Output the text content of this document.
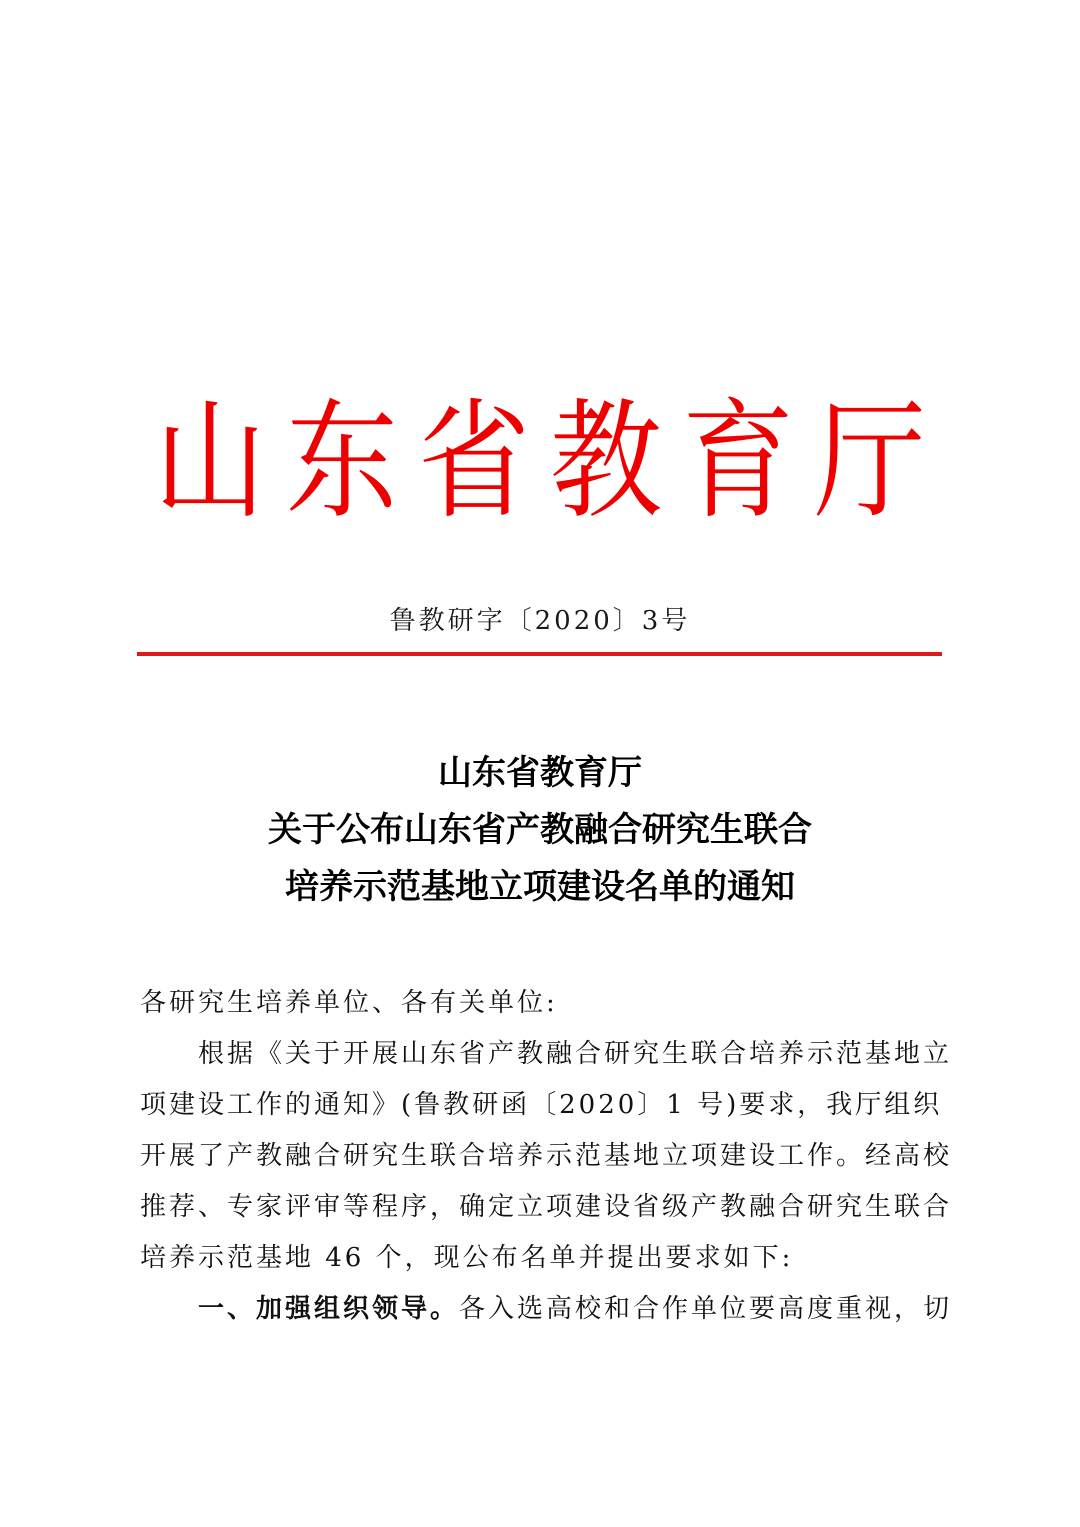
山东省教育厅
鲁教研字〔2020〕3号
山东省教育厅
关于公布山东省产教融合研究生联合
培养示范基地立项建设名单的通知
各研究生培养单位、各有关单位:
根据《关于开展山东省产教融合研究生联合培养示范基地立
项建设工作的通知》(鲁教研函〔2020〕1 号)要求，我厅组织
开展了产教融合研究生联合培养示范基地立项建设工作。经高校
推荐、专家评审等程序，确定立项建设省级产教融合研究生联合
培养示范基地 46 个，现公布名单并提出要求如下:
一、加强组织领导。各入选高校和合作单位要高度重视，切
